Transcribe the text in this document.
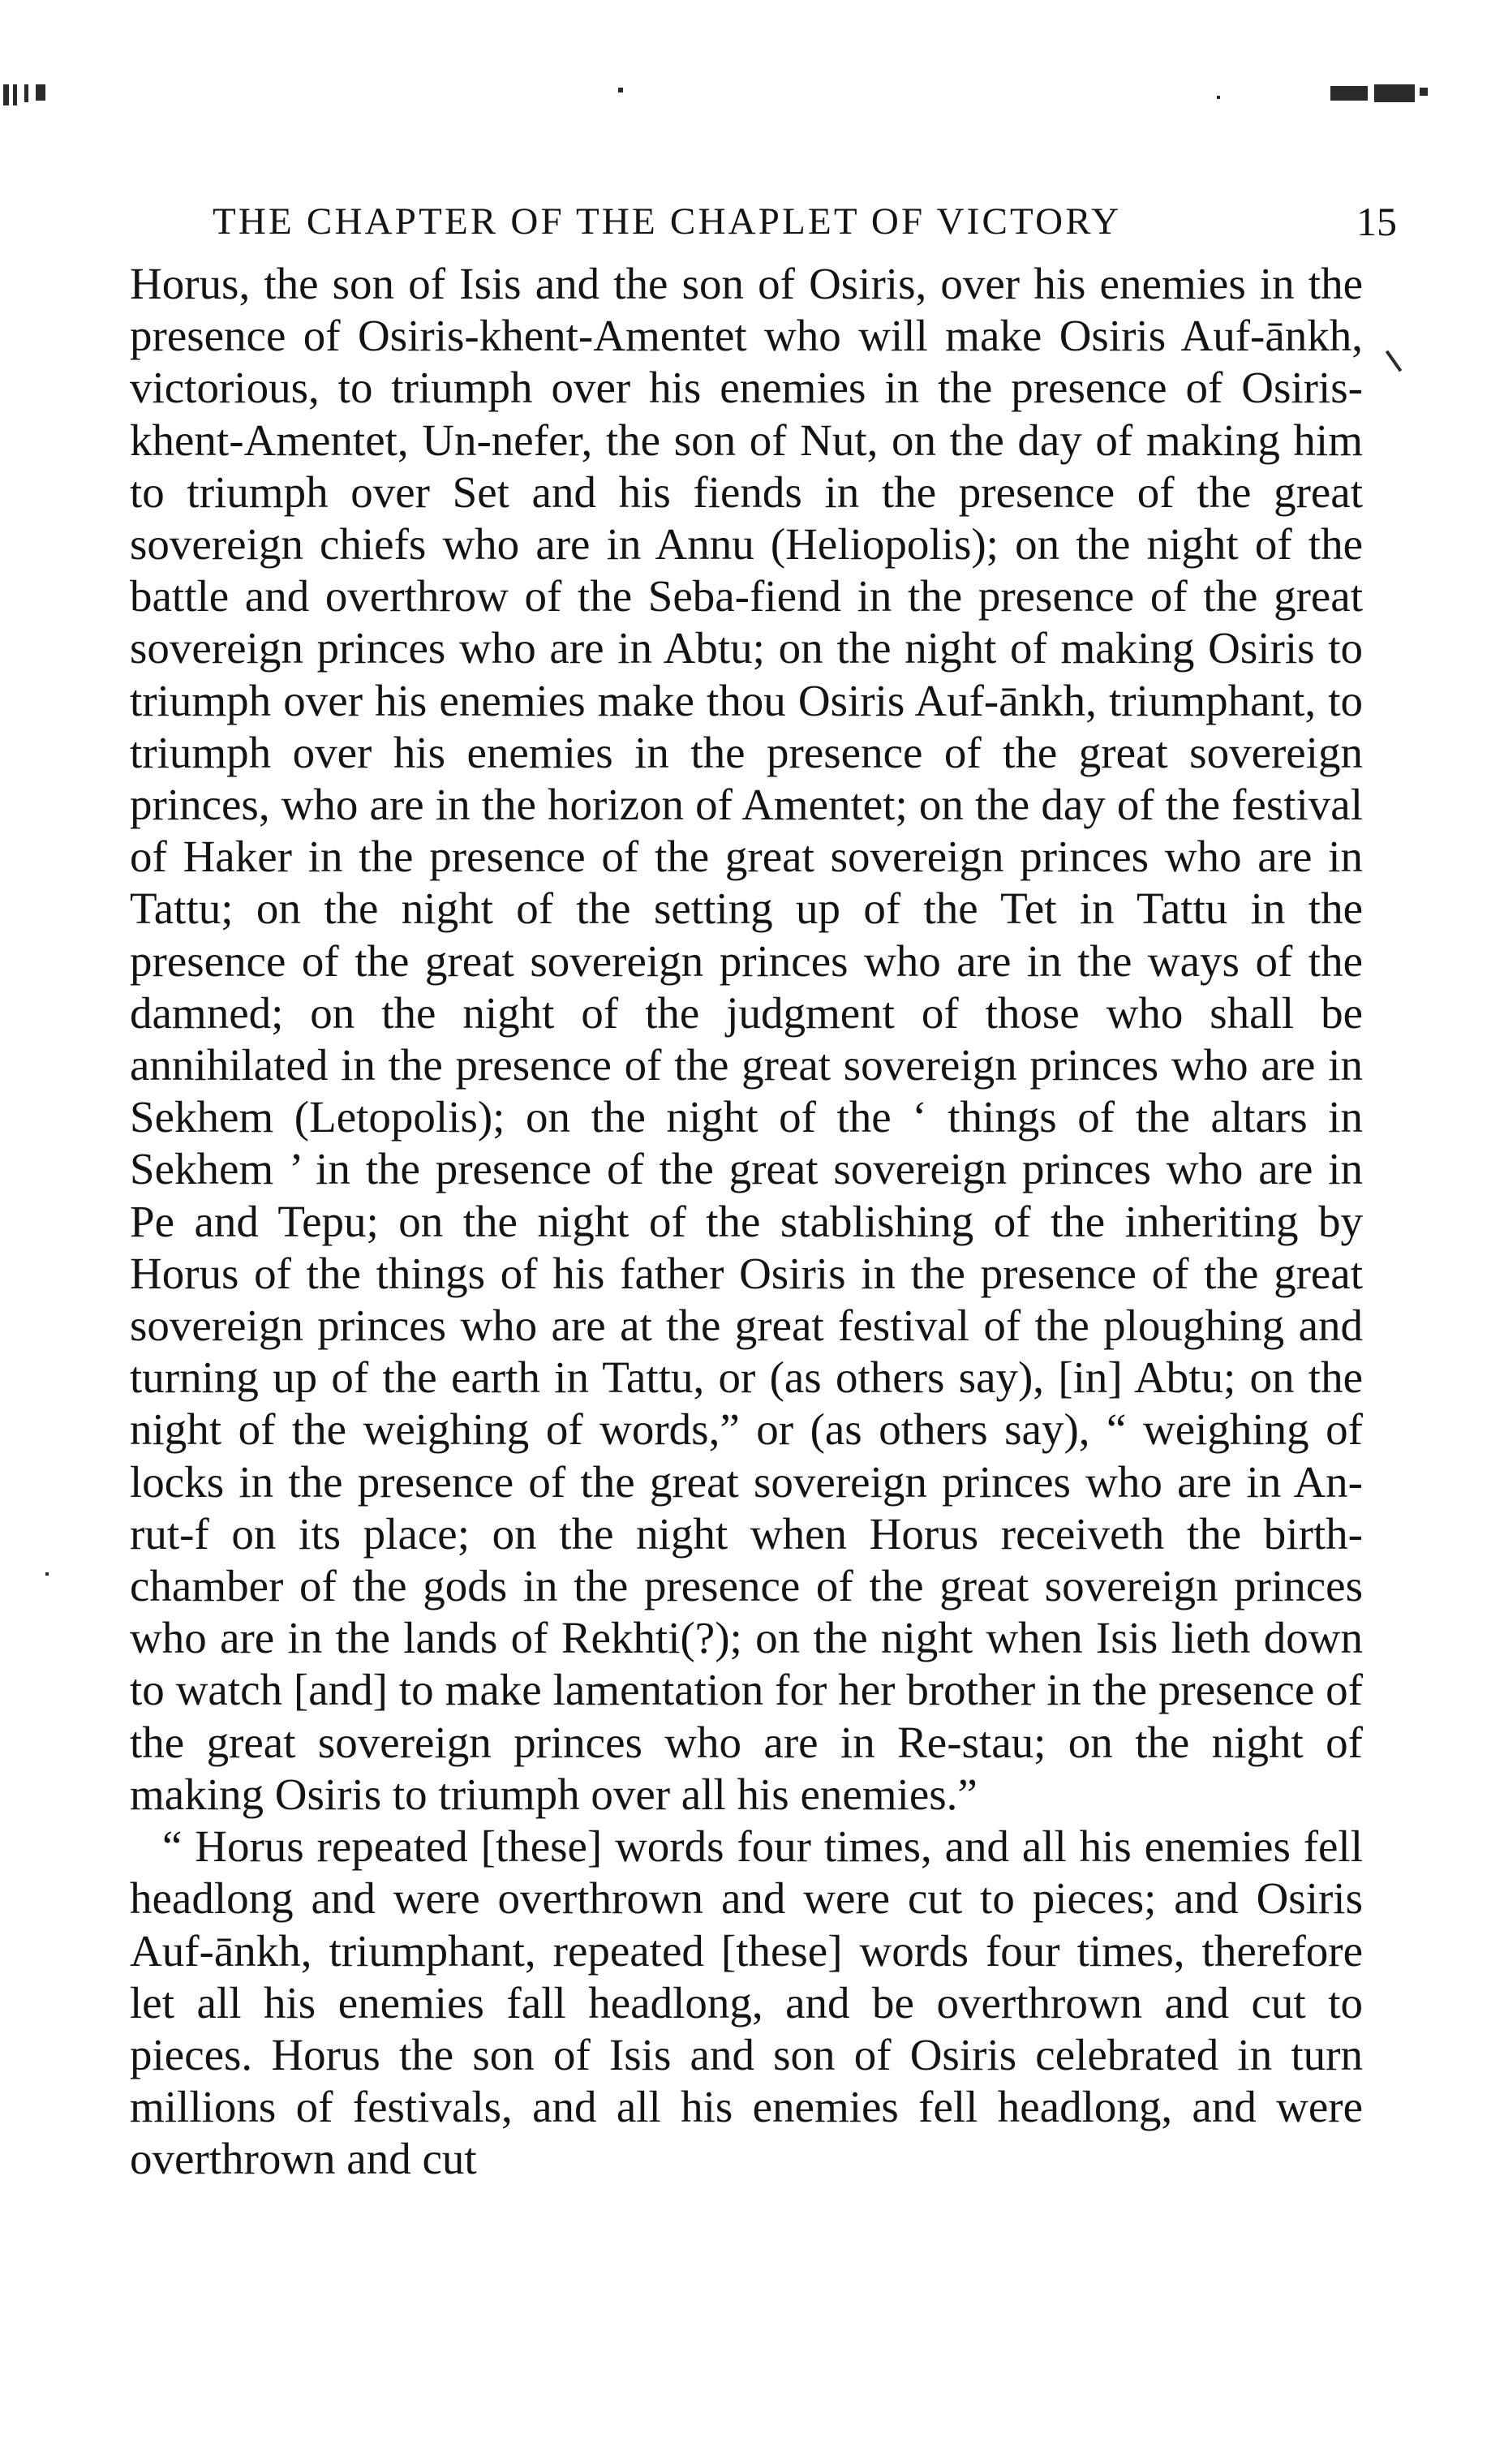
THE CHAPTER OF THE CHAPLET OF VICTORY	15

Horus, the son of Isis and the son of Osiris, over his enemies in the presence of Osiris-khent-Amentet who will make Osiris Auf-ānkh, victorious, to triumph over his enemies in the presence of Osiris-khent-Amentet, Un-nefer, the son of Nut, on the day of making him to triumph over Set and his fiends in the presence of the great sovereign chiefs who are in Annu (Heliopolis); on the night of the battle and overthrow of the Seba-fiend in the presence of the great sovereign princes who are in Abtu; on the night of making Osiris to triumph over his enemies make thou Osiris Auf-ānkh, triumphant, to triumph over his enemies in the presence of the great sovereign princes, who are in the horizon of Amentet; on the day of the festival of Haker in the presence of the great sovereign princes who are in Tattu; on the night of the setting up of the Tet in Tattu in the presence of the great sovereign princes who are in the ways of the damned; on the night of the judgment of those who shall be annihilated in the presence of the great sovereign princes who are in Sekhem (Letopolis); on the night of the ‘ things of the altars in Sekhem ’ in the presence of the great sovereign princes who are in Pe and Tepu; on the night of the stablishing of the inheriting by Horus of the things of his father Osiris in the presence of the great sovereign princes who are at the great festival of the ploughing and turning up of the earth in Tattu, or (as others say), [in] Abtu; on the night of the weighing of words,” or (as others say), “ weighing of locks in the presence of the great sovereign princes who are in An-rut-f on its place; on the night when Horus receiveth the birth-chamber of the gods in the presence of the great sovereign princes who are in the lands of Rekhti(?); on the night when Isis lieth down to watch [and] to make lamentation for her brother in the presence of the great sovereign princes who are in Re-stau; on the night of making Osiris to triumph over all his enemies.”

“ Horus repeated [these] words four times, and all his enemies fell headlong and were overthrown and were cut to pieces; and Osiris Auf-ānkh, triumphant, repeated [these] words four times, therefore let all his enemies fall headlong, and be overthrown and cut to pieces. Horus the son of Isis and son of Osiris celebrated in turn millions of festivals, and all his enemies fell headlong, and were overthrown and cut
